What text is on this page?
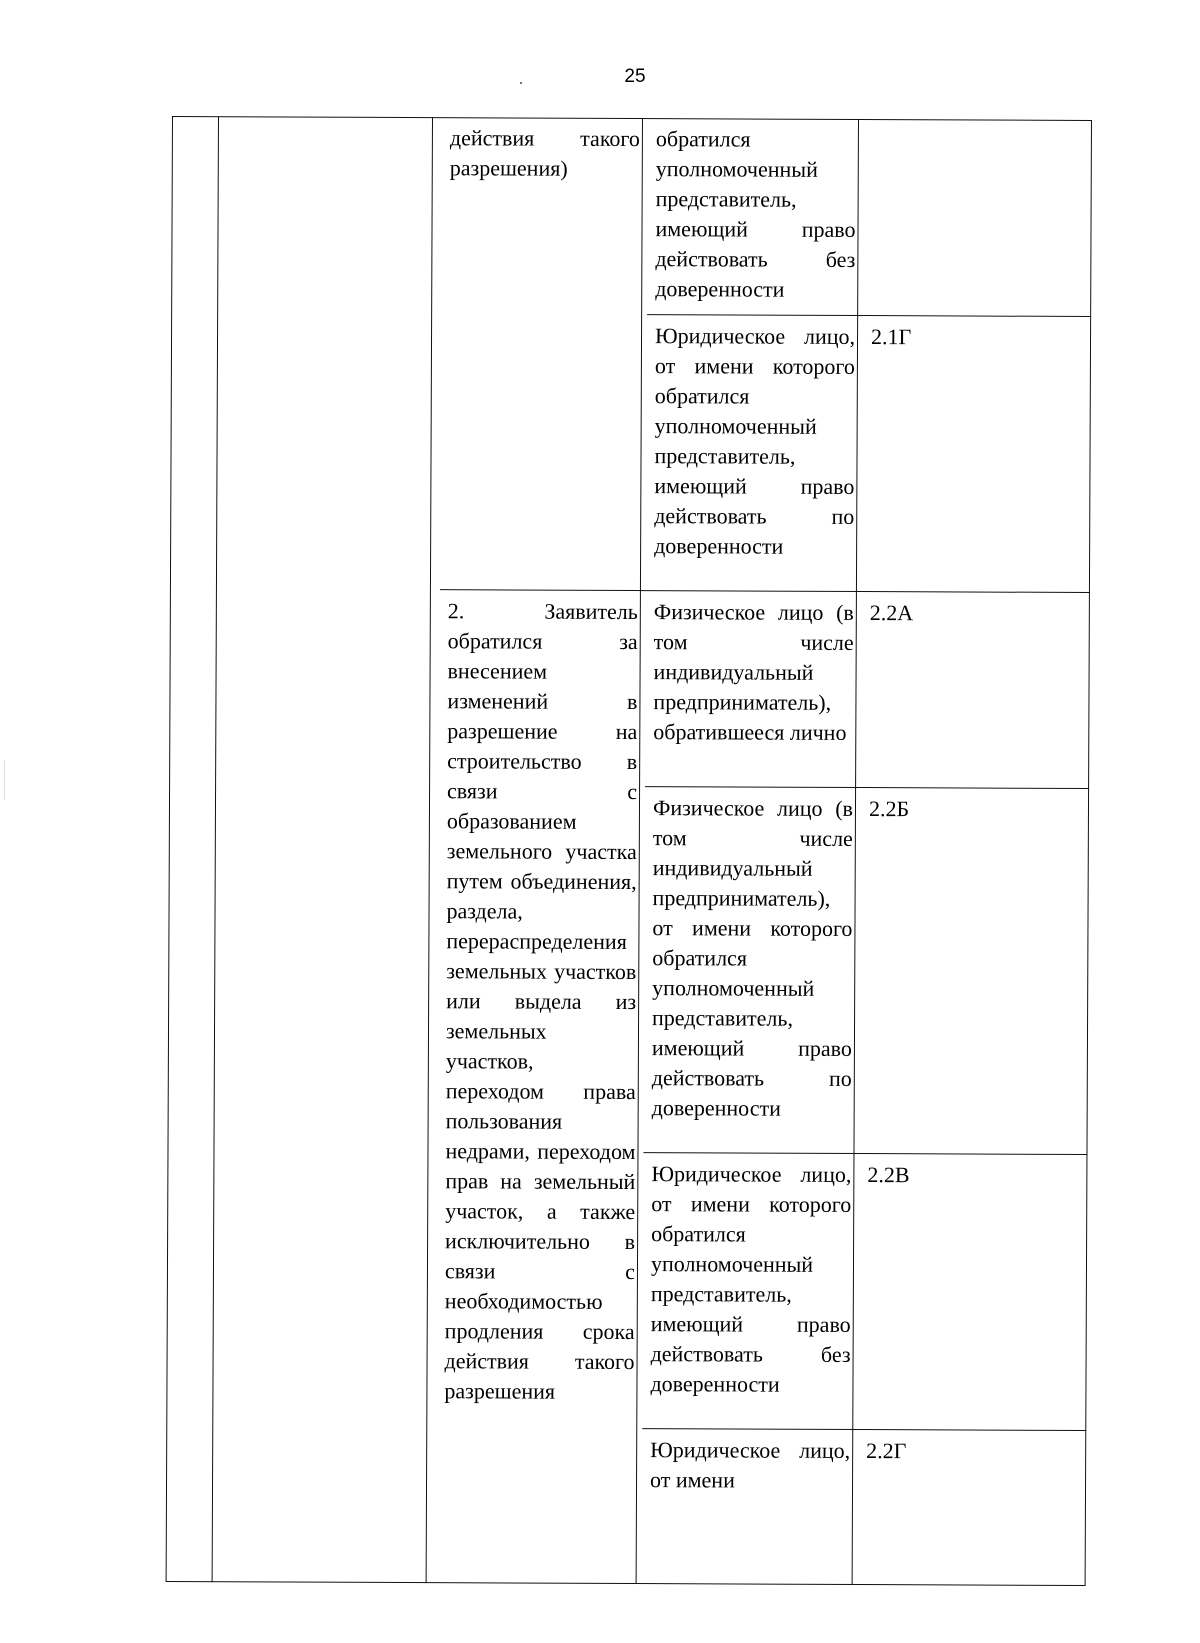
25
действия такого разрешения)
2. Заявитель обратился за внесением изменений в разрешение на строительство в связи с образованием земельного участка путем объединения, раздела, перераспределения земельных участков или выдела из земельных участков, переходом права пользования недрами, переходом прав на земельный участок, а также исключительно в связи с необходимостью продления срока действия такого разрешения
обратился уполномоченный представитель, имеющий право действовать без доверенности
Юридическое лицо, от имени которого обратился уполномоченный представитель, имеющий право действовать по доверенности
2.1Г
Физическое лицо (в том числе индивидуальный предприниматель), обратившееся лично
2.2А
Физическое лицо (в том числе индивидуальный предприниматель), от имени которого обратился уполномоченный представитель, имеющий право действовать по доверенности
2.2Б
Юридическое лицо, от имени которого обратился уполномоченный представитель, имеющий право действовать без доверенности
2.2В
Юридическое лицо, от имени
2.2Г
